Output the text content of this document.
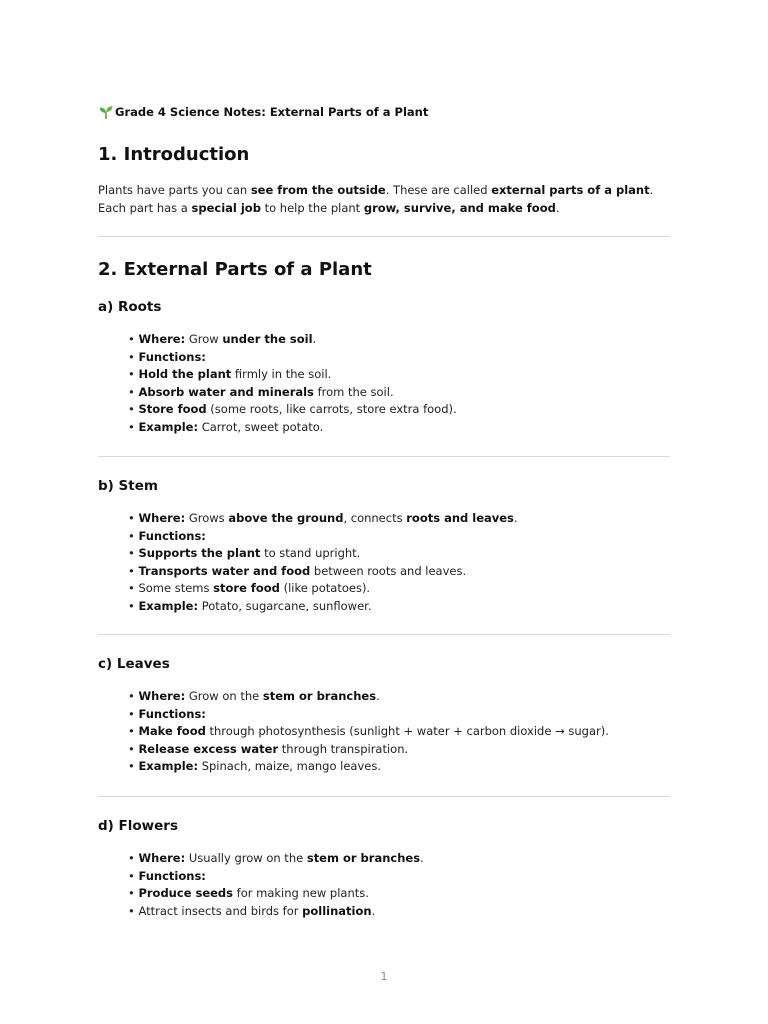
Grade 4 Science Notes: External Parts of a Plant
1. Introduction

Plants have parts you can see from the outside. These are called external parts of a plant. Each part has a special job to help the plant grow, survive, and make food.

2. External Parts of a Plant
a) Roots
• Where: Grow under the soil.
• Functions:
• Hold the plant firmly in the soil.
• Absorb water and minerals from the soil.
• Store food (some roots, like carrots, store extra food).
• Example: Carrot, sweet potato.
b) Stem
• Where: Grows above the ground, connects roots and leaves.
• Functions:
• Supports the plant to stand upright.
• Transports water and food between roots and leaves.
• Some stems store food (like potatoes).
• Example: Potato, sugarcane, sunflower.
c) Leaves
• Where: Grow on the stem or branches.
• Functions:
• Make food through photosynthesis (sunlight + water + carbon dioxide → sugar).
• Release excess water through transpiration.
• Example: Spinach, maize, mango leaves.
d) Flowers
• Where: Usually grow on the stem or branches.
• Functions:
• Produce seeds for making new plants.
• Attract insects and birds for pollination.
1
